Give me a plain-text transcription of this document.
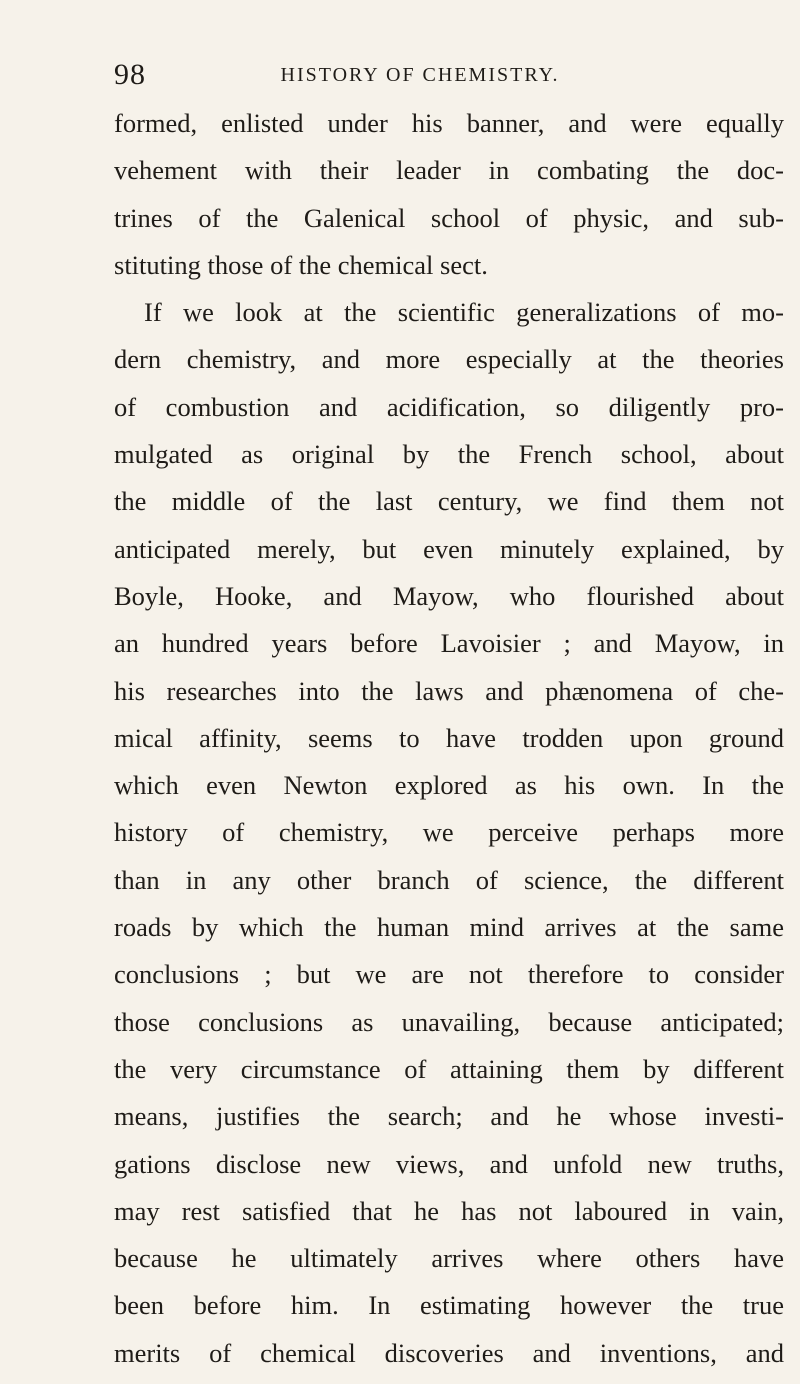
98	HISTORY OF CHEMISTRY.
formed, enlisted under his banner, and were equally
vehement with their leader in combating the doc-
trines of the Galenical school of physic, and sub-
stituting those of the chemical sect.
If we look at the scientific generalizations of mo-
dern chemistry, and more especially at the theories
of combustion and acidification, so diligently pro-
mulgated as original by the French school, about
the middle of the last century, we find them not
anticipated merely, but even minutely explained, by
Boyle, Hooke, and Mayow, who flourished about
an hundred years before Lavoisier ; and Mayow, in
his researches into the laws and phænomena of che-
mical affinity, seems to have trodden upon ground
which even Newton explored as his own. In the
history of chemistry, we perceive perhaps more
than in any other branch of science, the different
roads by which the human mind arrives at the same
conclusions ; but we are not therefore to consider
those conclusions as unavailing, because anticipated;
the very circumstance of attaining them by different
means, justifies the search; and he whose investi-
gations disclose new views, and unfold new truths,
may rest satisfied that he has not laboured in vain,
because he ultimately arrives where others have
been before him. In estimating however the true
merits of chemical discoveries and inventions, and
